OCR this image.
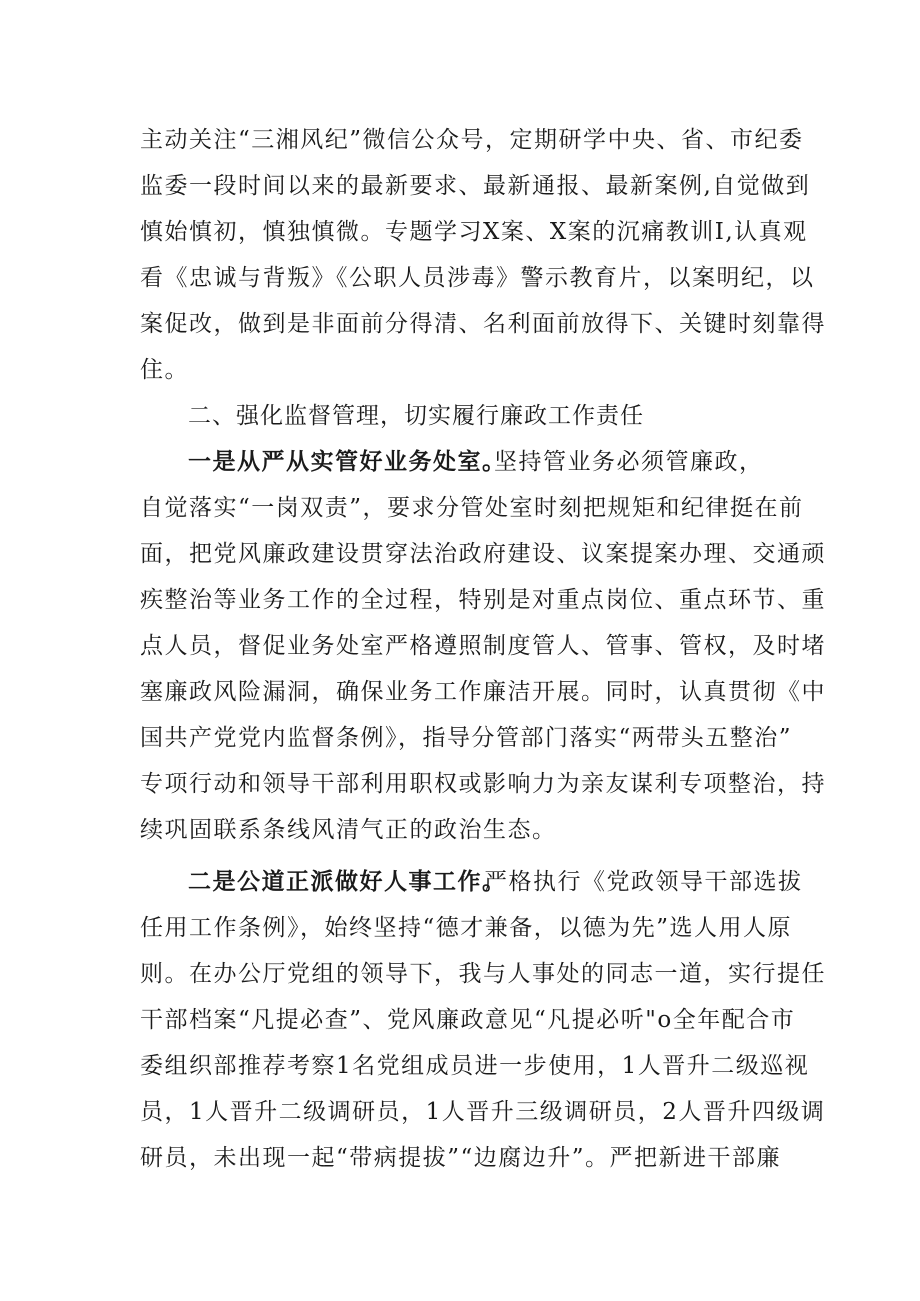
主动关注“三湘风纪”微信公众号，定期研学中央、省、市纪委
监委一段时间以来的最新要求、最新通报、最新案例,自觉做到
慎始慎初，慎独慎微。专题学习X案、X案的沉痛教训I,认真观
看《忠诚与背叛》《公职人员涉毒》警示教育片，以案明纪，以
案促改，做到是非面前分得清、名利面前放得下、关键时刻靠得
住。
二、强化监督管理，切实履行廉政工作责任
一是从严从实管好业务处室。
坚持管业务必须管廉政，
自觉落实“一岗双责”，要求分管处室时刻把规矩和纪律挺在前
面，把党风廉政建设贯穿法治政府建设、议案提案办理、交通顽
疾整治等业务工作的全过程，特别是对重点岗位、重点环节、重
点人员，督促业务处室严格遵照制度管人、管事、管权，及时堵
塞廉政风险漏洞，确保业务工作廉洁开展。同时，认真贯彻《中
国共产党党内监督条例》，指导分管部门落实“两带头五整治”
专项行动和领导干部利用职权或影响力为亲友谋利专项整治，持
续巩固联系条线风清气正的政治生态。
二是公道正派做好人事工作。
严格执行《党政领导干部选拔
任用工作条例》，始终坚持“德才兼备，以德为先”选人用人原
则。在办公厅党组的领导下，我与人事处的同志一道，实行提任
干部档案“凡提必查”、党风廉政意见“凡提必听"o全年配合市
委组织部推荐考察1名党组成员进一步使用，1人晋升二级巡视
员，1人晋升二级调研员，1人晋升三级调研员，2人晋升四级调
研员，未出现一起“带病提拔”“边腐边升”。严把新进干部廉
